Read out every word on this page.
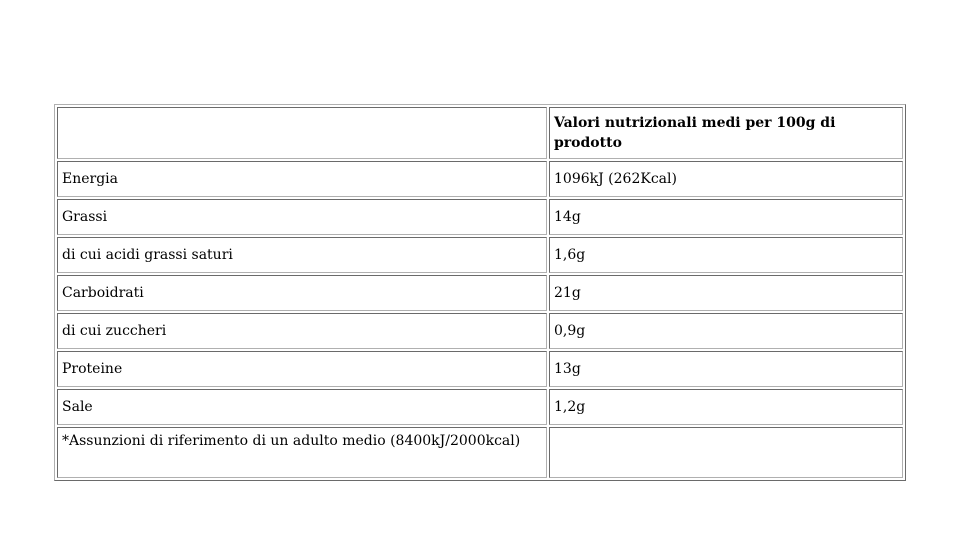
	Valori nutrizionali medi per 100g di prodotto
Energia	1096kJ (262Kcal)
Grassi	14g
di cui acidi grassi saturi	1,6g
Carboidrati	21g
di cui zuccheri	0,9g
Proteine	13g
Sale	1,2g
*Assunzioni di riferimento di un adulto medio (8400kJ/2000kcal)	
